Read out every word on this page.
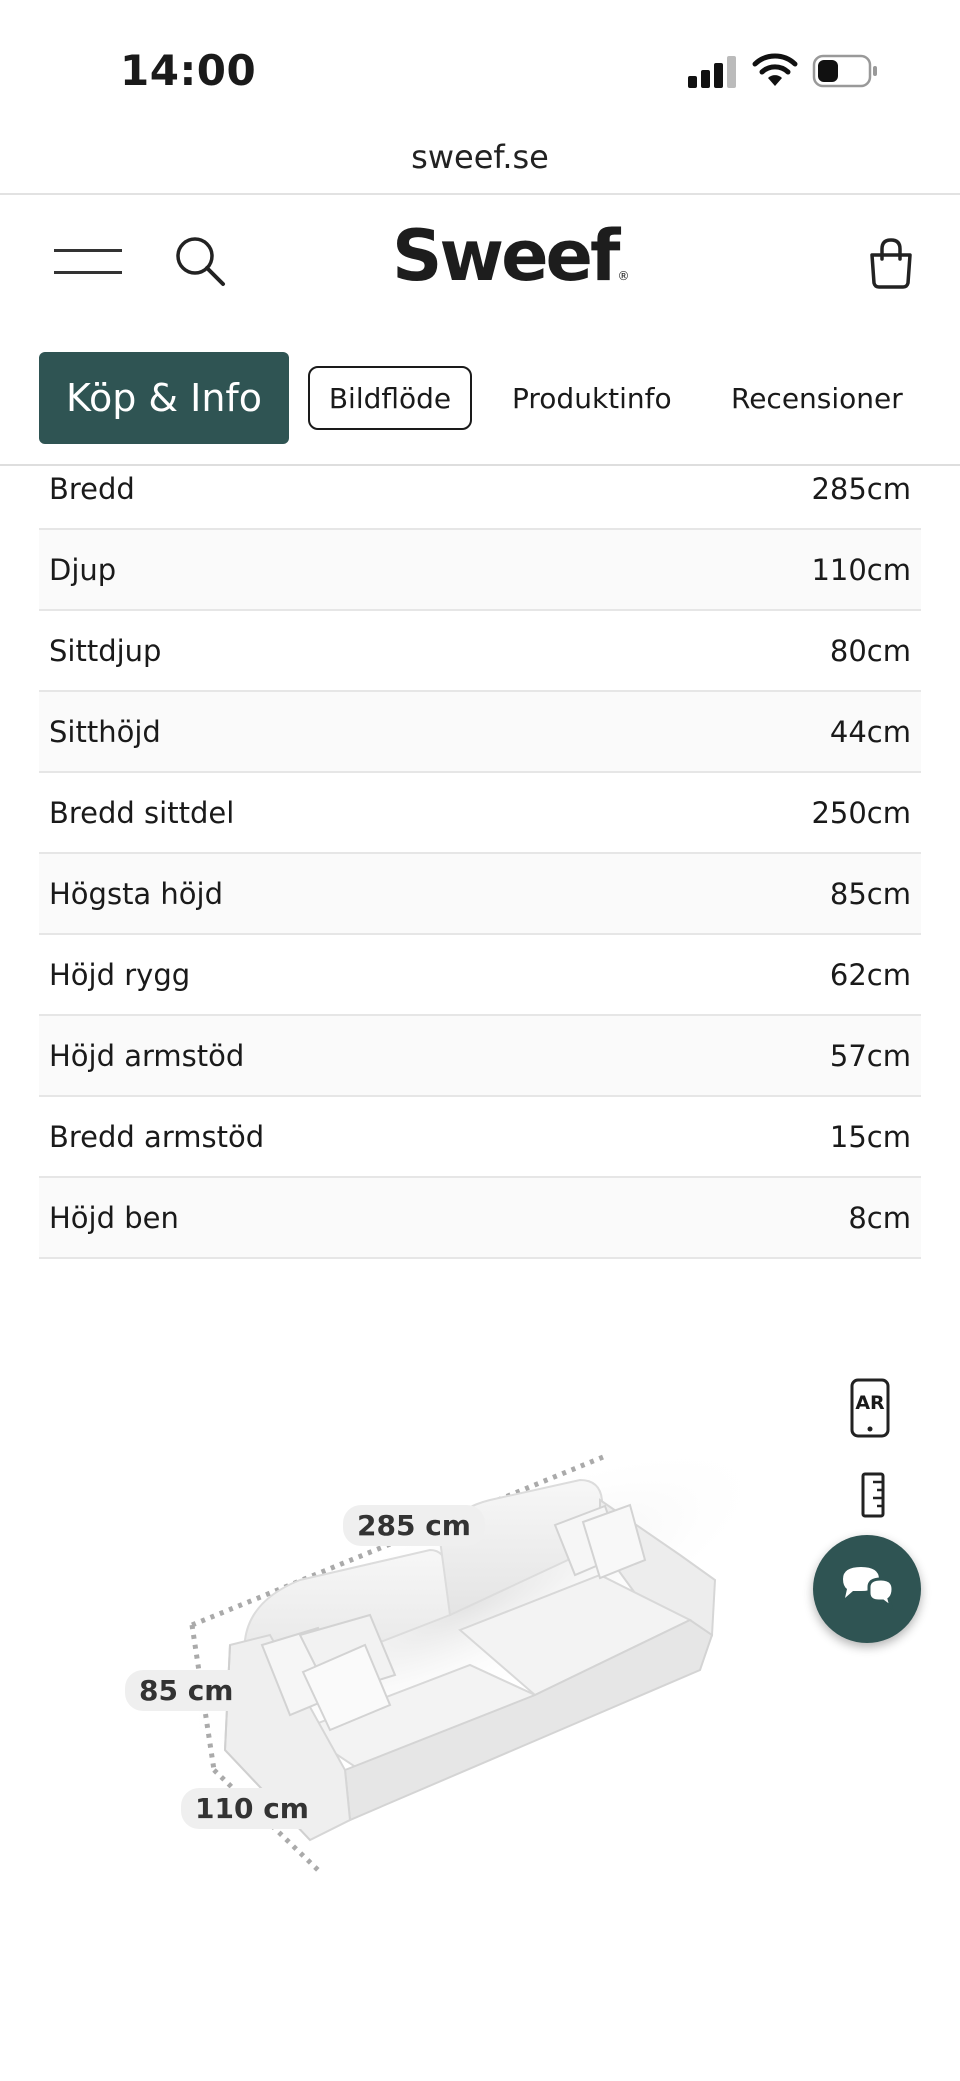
14:00
sweef.se
Sweef®
Köp & Info	Bildflöde	Produktinfo Recensioner
Bredd	285cm
Djup	110cm
Sittdjup	80cm
Sitthöjd	44cm
Bredd sittdel	250cm
Högsta höjd	85cm
Höjd rygg	62cm
Höjd armstöd	57cm
Bredd armstöd	15cm
Höjd ben	8cm
285 cm
85 cm
110 cm
AR
